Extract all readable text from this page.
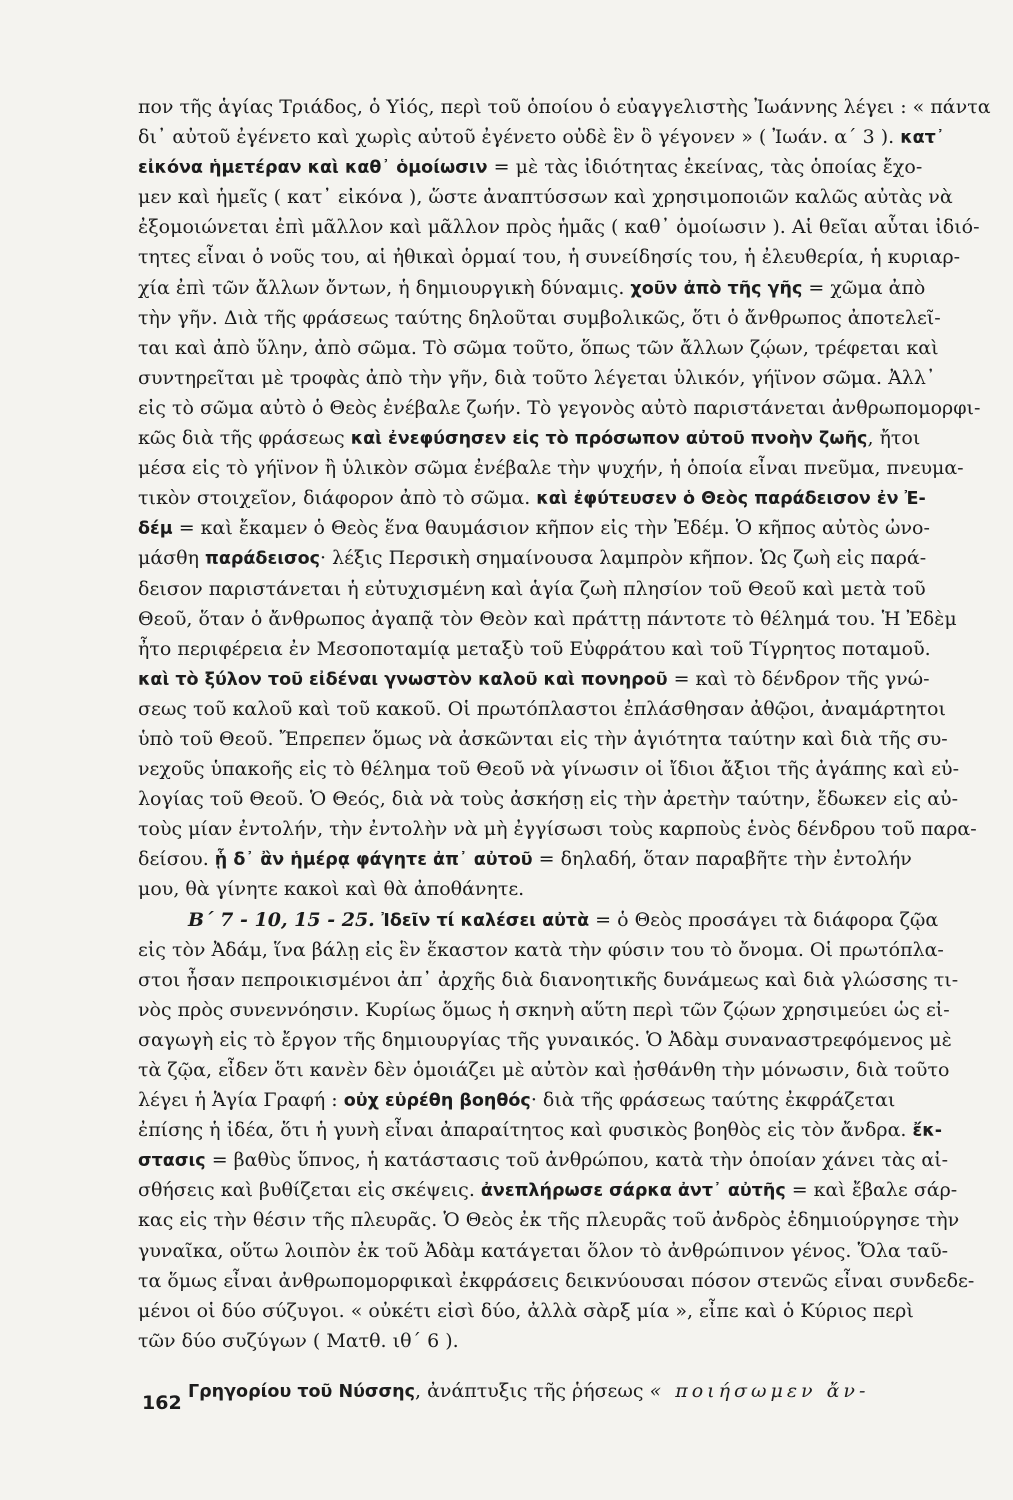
πον τῆς ἁγίας Τριάδος, ὁ Υἱός, περὶ τοῦ ὁποίου ὁ εὐαγγελιστὴς Ἰωάννης λέγει : « πάντα
δι᾽ αὐτοῦ ἐγένετο καὶ χωρὶς αὐτοῦ ἐγένετο οὐδὲ ἓν ὃ γέγονεν » ( Ἰωάν. α΄ 3 ). κατ᾽
εἰκόνα ἡμετέραν καὶ καθ᾽ ὁμοίωσιν = μὲ τὰς ἰδιότητας ἐκείνας, τὰς ὁποίας ἔχο-
μεν καὶ ἡμεῖς ( κατ᾽ εἰκόνα ), ὥστε ἀναπτύσσων καὶ χρησιμοποιῶν καλῶς αὐτὰς νὰ
ἐξομοιώνεται ἐπὶ μᾶλλον καὶ μᾶλλον πρὸς ἡμᾶς ( καθ᾽ ὁμοίωσιν ). Αἱ θεῖαι αὗται ἰδιό-
τητες εἶναι ὁ νοῦς του, αἱ ἠθικαὶ ὁρμαί του, ἡ συνείδησίς του, ἡ ἐλευθερία, ἡ κυριαρ-
χία ἐπὶ τῶν ἄλλων ὄντων, ἡ δημιουργικὴ δύναμις. χοῦν ἀπὸ τῆς γῆς = χῶμα ἀπὸ
τὴν γῆν. Διὰ τῆς φράσεως ταύτης δηλοῦται συμβολικῶς, ὅτι ὁ ἄνθρωπος ἀποτελεῖ-
ται καὶ ἀπὸ ὕλην, ἀπὸ σῶμα. Τὸ σῶμα τοῦτο, ὅπως τῶν ἄλλων ζῴων, τρέφεται καὶ
συντηρεῖται μὲ τροφὰς ἀπὸ τὴν γῆν, διὰ τοῦτο λέγεται ὑλικόν, γήϊνον σῶμα. Ἀλλ᾽
εἰς τὸ σῶμα αὐτὸ ὁ Θεὸς ἐνέβαλε ζωήν. Τὸ γεγονὸς αὐτὸ παριστάνεται ἀνθρωπομορφι-
κῶς διὰ τῆς φράσεως καὶ ἐνεφύσησεν εἰς τὸ πρόσωπον αὐτοῦ πνοὴν ζωῆς, ἤτοι
μέσα εἰς τὸ γήϊνον ἢ ὑλικὸν σῶμα ἐνέβαλε τὴν ψυχήν, ἡ ὁποία εἶναι πνεῦμα, πνευμα-
τικὸν στοιχεῖον, διάφορον ἀπὸ τὸ σῶμα. καὶ ἐφύτευσεν ὁ Θεὸς παράδεισον ἐν Ἐ-
δέμ = καὶ ἔκαμεν ὁ Θεὸς ἕνα θαυμάσιον κῆπον εἰς τὴν Ἐδέμ. Ὁ κῆπος αὐτὸς ὠνο-
μάσθη παράδεισος· λέξις Περσικὴ σημαίνουσα λαμπρὸν κῆπον. Ὡς ζωὴ εἰς παρά-
δεισον παριστάνεται ἡ εὐτυχισμένη καὶ ἁγία ζωὴ πλησίον τοῦ Θεοῦ καὶ μετὰ τοῦ
Θεοῦ, ὅταν ὁ ἄνθρωπος ἀγαπᾷ τὸν Θεὸν καὶ πράττῃ πάντοτε τὸ θέλημά του. Ἡ Ἐδὲμ
ἦτο περιφέρεια ἐν Μεσοποταμίᾳ μεταξὺ τοῦ Εὐφράτου καὶ τοῦ Τίγρητος ποταμοῦ.
καὶ τὸ ξύλον τοῦ εἰδέναι γνωστὸν καλοῦ καὶ πονηροῦ = καὶ τὸ δένδρον τῆς γνώ-
σεως τοῦ καλοῦ καὶ τοῦ κακοῦ. Οἱ πρωτόπλαστοι ἐπλάσθησαν ἀθῷοι, ἀναμάρτητοι
ὑπὸ τοῦ Θεοῦ. Ἔπρεπεν ὅμως νὰ ἀσκῶνται εἰς τὴν ἁγιότητα ταύτην καὶ διὰ τῆς συ-
νεχοῦς ὑπακοῆς εἰς τὸ θέλημα τοῦ Θεοῦ νὰ γίνωσιν οἱ ἴδιοι ἄξιοι τῆς ἀγάπης καὶ εὐ-
λογίας τοῦ Θεοῦ. Ὁ Θεός, διὰ νὰ τοὺς ἀσκήσῃ εἰς τὴν ἀρετὴν ταύτην, ἔδωκεν εἰς αὐ-
τοὺς μίαν ἐντολήν, τὴν ἐντολὴν νὰ μὴ ἐγγίσωσι τοὺς καρποὺς ἑνὸς δένδρου τοῦ παρα-
δείσου. ᾗ δ᾽ ἂν ἡμέρᾳ φάγητε ἀπ᾽ αὐτοῦ = δηλαδή, ὅταν παραβῆτε τὴν ἐντολήν
μου, θὰ γίνητε κακοὶ καὶ θὰ ἀποθάνητε.
Β΄ 7 - 10, 15 - 25. Ἰδεῖν τί καλέσει αὐτὰ = ὁ Θεὸς προσάγει τὰ διάφορα ζῷα
εἰς τὸν Ἀδάμ, ἵνα βάλῃ εἰς ἓν ἕκαστον κατὰ τὴν φύσιν του τὸ ὄνομα. Οἱ πρωτόπλα-
στοι ἦσαν πεπροικισμένοι ἀπ᾽ ἀρχῆς διὰ διανοητικῆς δυνάμεως καὶ διὰ γλώσσης τι-
νὸς πρὸς συνεννόησιν. Κυρίως ὅμως ἡ σκηνὴ αὕτη περὶ τῶν ζῴων χρησιμεύει ὡς εἰ-
σαγωγὴ εἰς τὸ ἔργον τῆς δημιουργίας τῆς γυναικός. Ὁ Ἀδὰμ συναναστρεφόμενος μὲ
τὰ ζῷα, εἶδεν ὅτι κανὲν δὲν ὁμοιάζει μὲ αὐτὸν καὶ ᾐσθάνθη τὴν μόνωσιν, διὰ τοῦτο
λέγει ἡ Ἁγία Γραφή : οὐχ εὑρέθη βοηθός· διὰ τῆς φράσεως ταύτης ἐκφράζεται
ἐπίσης ἡ ἰδέα, ὅτι ἡ γυνὴ εἶναι ἀπαραίτητος καὶ φυσικὸς βοηθὸς εἰς τὸν ἄνδρα. ἔκ-
στασις = βαθὺς ὕπνος, ἡ κατάστασις τοῦ ἀνθρώπου, κατὰ τὴν ὁποίαν χάνει τὰς αἰ-
σθήσεις καὶ βυθίζεται εἰς σκέψεις. ἀνεπλήρωσε σάρκα ἀντ᾽ αὐτῆς = καὶ ἔβαλε σάρ-
κας εἰς τὴν θέσιν τῆς πλευρᾶς. Ὁ Θεὸς ἐκ τῆς πλευρᾶς τοῦ ἀνδρὸς ἐδημιούργησε τὴν
γυναῖκα, οὕτω λοιπὸν ἐκ τοῦ Ἀδὰμ κατάγεται ὅλον τὸ ἀνθρώπινον γένος. Ὅλα ταῦ-
τα ὅμως εἶναι ἀνθρωπομορφικαὶ ἐκφράσεις δεικνύουσαι πόσον στενῶς εἶναι συνδεδε-
μένοι οἱ δύο σύζυγοι. « οὐκέτι εἰσὶ δύο, ἀλλὰ σὰρξ μία », εἶπε καὶ ὁ Κύριος περὶ
τῶν δύο συζύγων ( Ματθ. ιθ΄ 6 ).
Γρηγορίου τοῦ Νύσσης, ἀνάπτυξις τῆς ῥήσεως « ποιήσωμεν ἄν-
162
